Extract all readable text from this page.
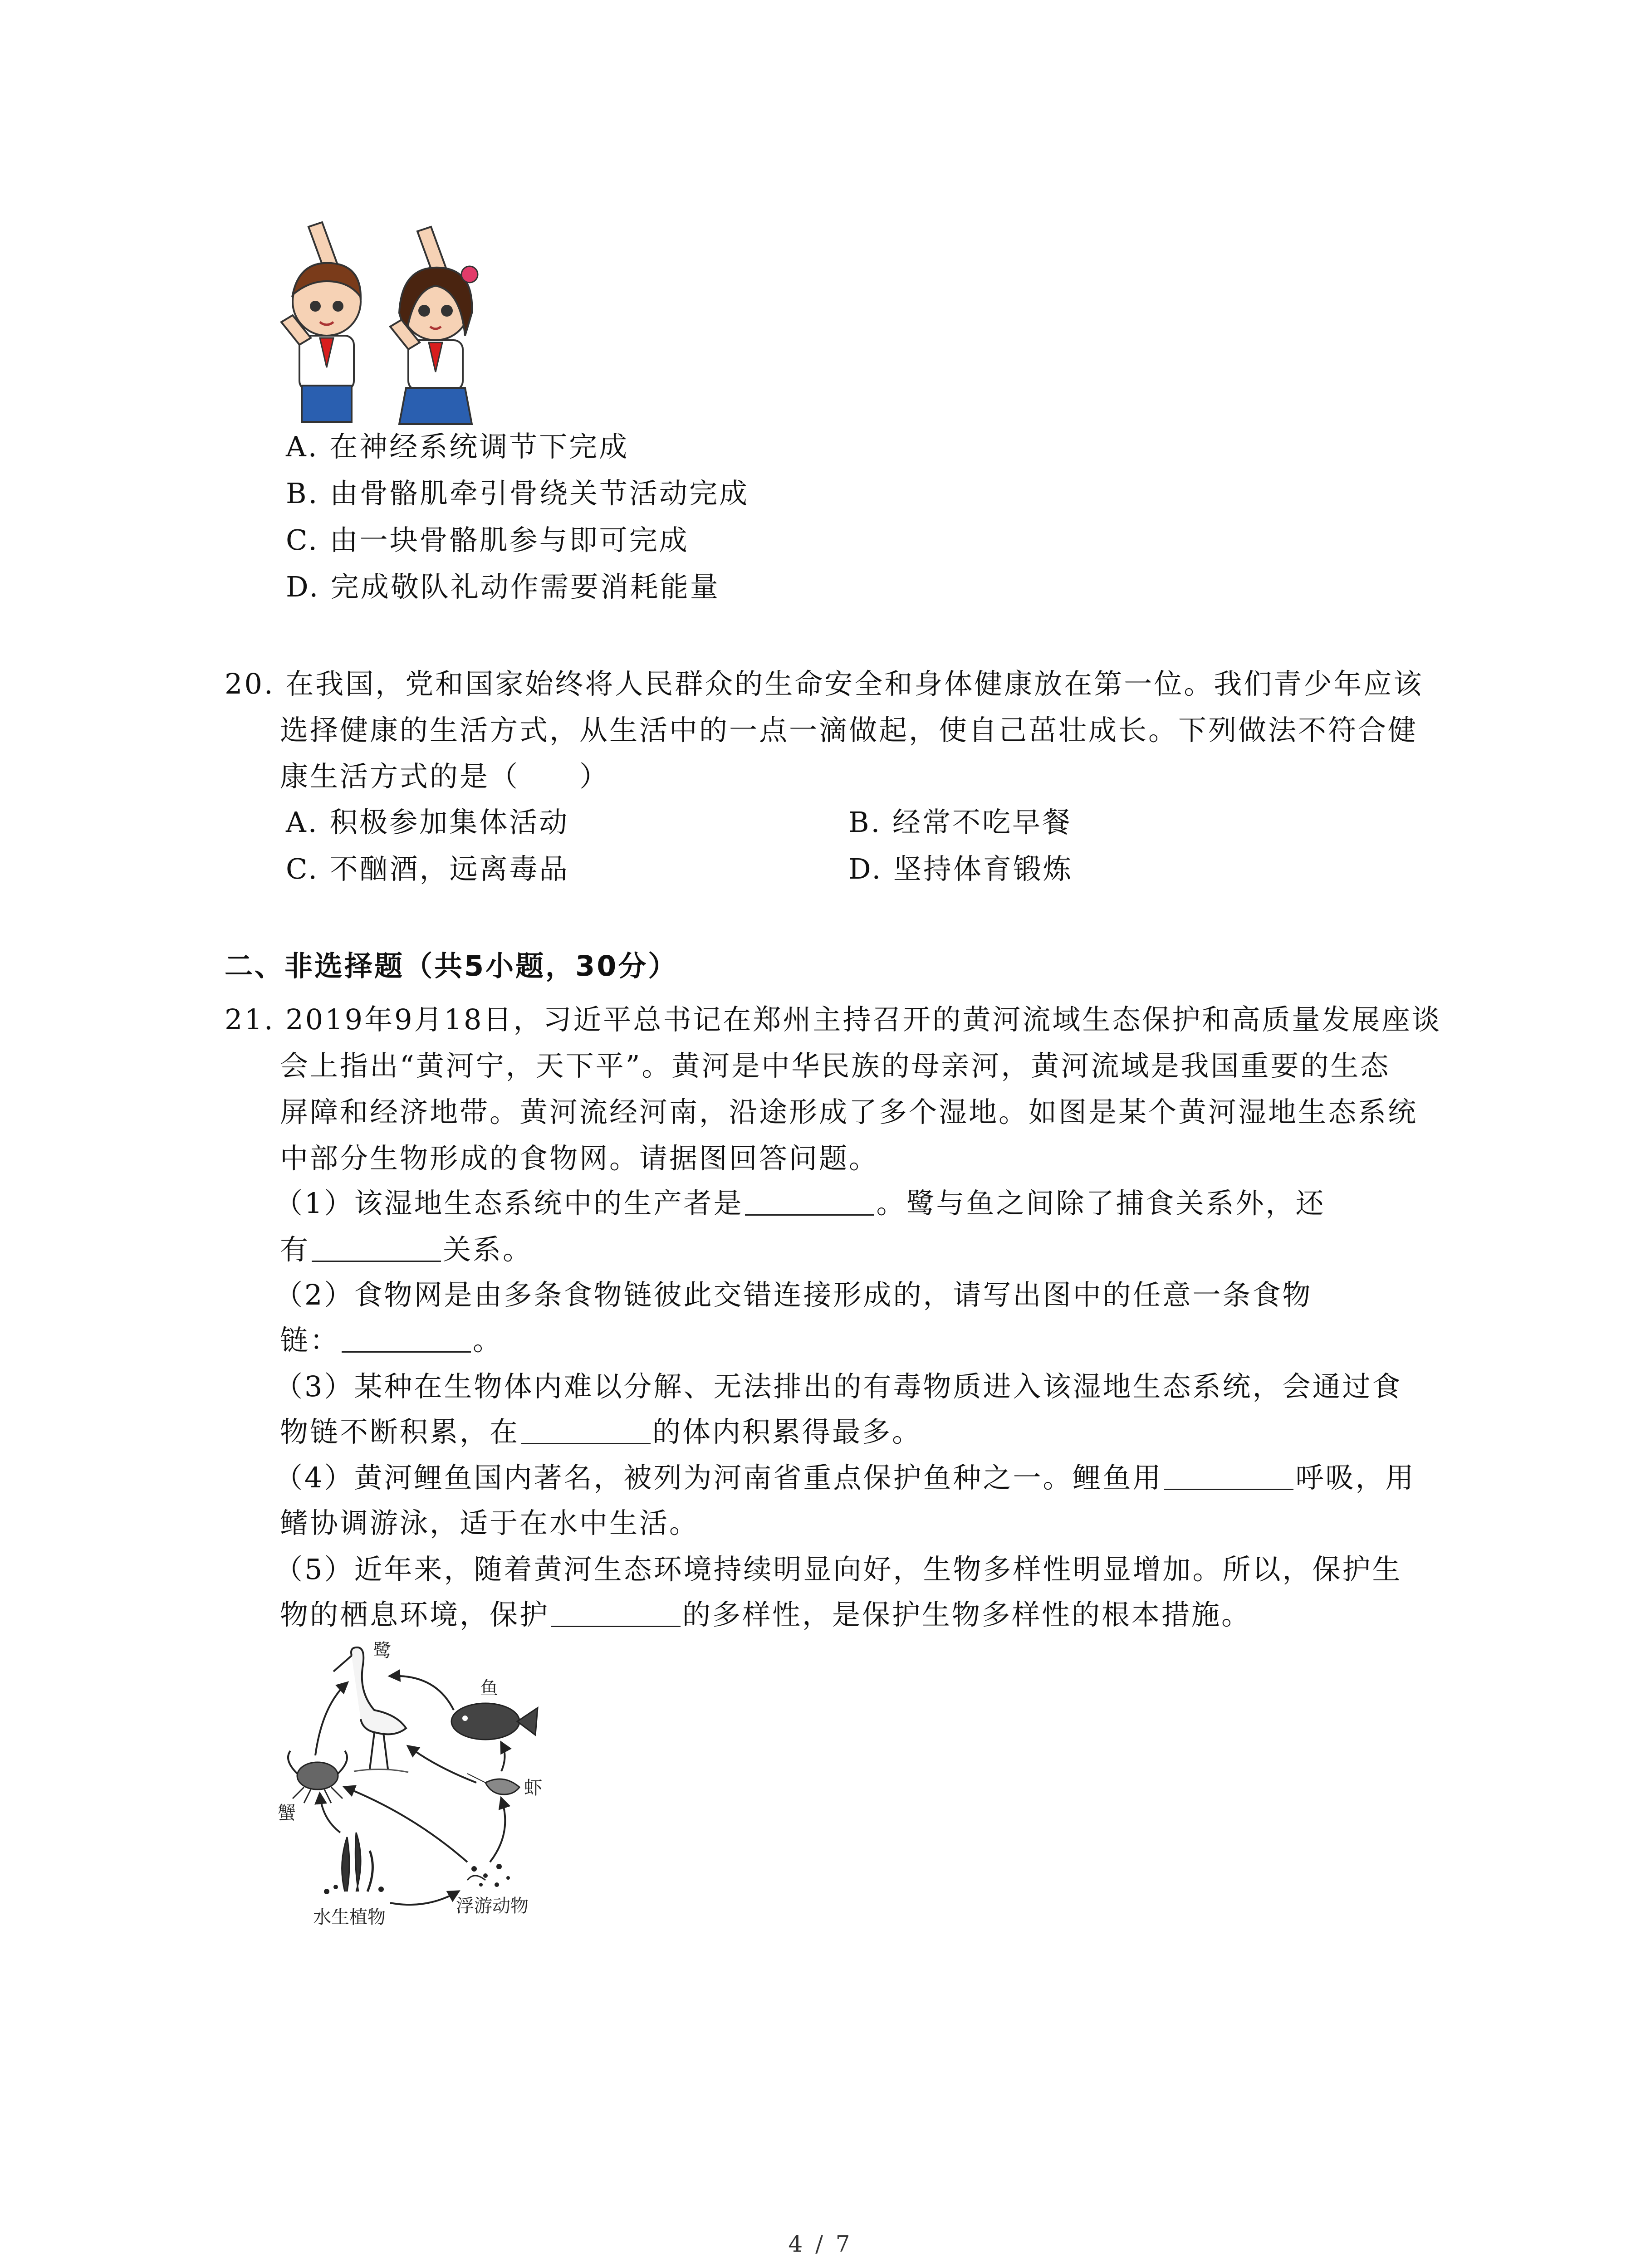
A. 在神经系统调节下完成
B. 由骨骼肌牵引骨绕关节活动完成
C. 由一块骨骼肌参与即可完成
D. 完成敬队礼动作需要消耗能量
20. 在我国，党和国家始终将人民群众的生命安全和身体健康放在第一位。我们青少年应该
选择健康的生活方式，从生活中的一点一滴做起，使自己茁壮成长。下列做法不符合健
康生活方式的是（　　）
A. 积极参加集体活动	B. 经常不吃早餐
C. 不酗酒，远离毒品	D. 坚持体育锻炼
二、非选择题（共5小题，30分）
21. 2019年9月18日，习近平总书记在郑州主持召开的黄河流域生态保护和高质量发展座谈
会上指出“黄河宁，天下平”。黄河是中华民族的母亲河，黄河流域是我国重要的生态
屏障和经济地带。黄河流经河南，沿途形成了多个湿地。如图是某个黄河湿地生态系统
中部分生物形成的食物网。请据图回答问题。
（1）该湿地生态系统中的生产者是	。鹭与鱼之间除了捕食关系外，还
有	关系。
（2）食物网是由多条食物链彼此交错连接形成的，请写出图中的任意一条食物
链：	。
（3）某种在生物体内难以分解、无法排出的有毒物质进入该湿地生态系统，会通过食
物链不断积累，在	的体内积累得最多。
（4）黄河鲤鱼国内著名，被列为河南省重点保护鱼种之一。鲤鱼用	呼吸，用
鳍协调游泳，适于在水中生活。
（5）近年来，随着黄河生态环境持续明显向好，生物多样性明显增加。所以，保护生
物的栖息环境，保护	的多样性，是保护生物多样性的根本措施。
鹭
鱼
虾
蟹
浮游动物
水生植物
4 / 7
